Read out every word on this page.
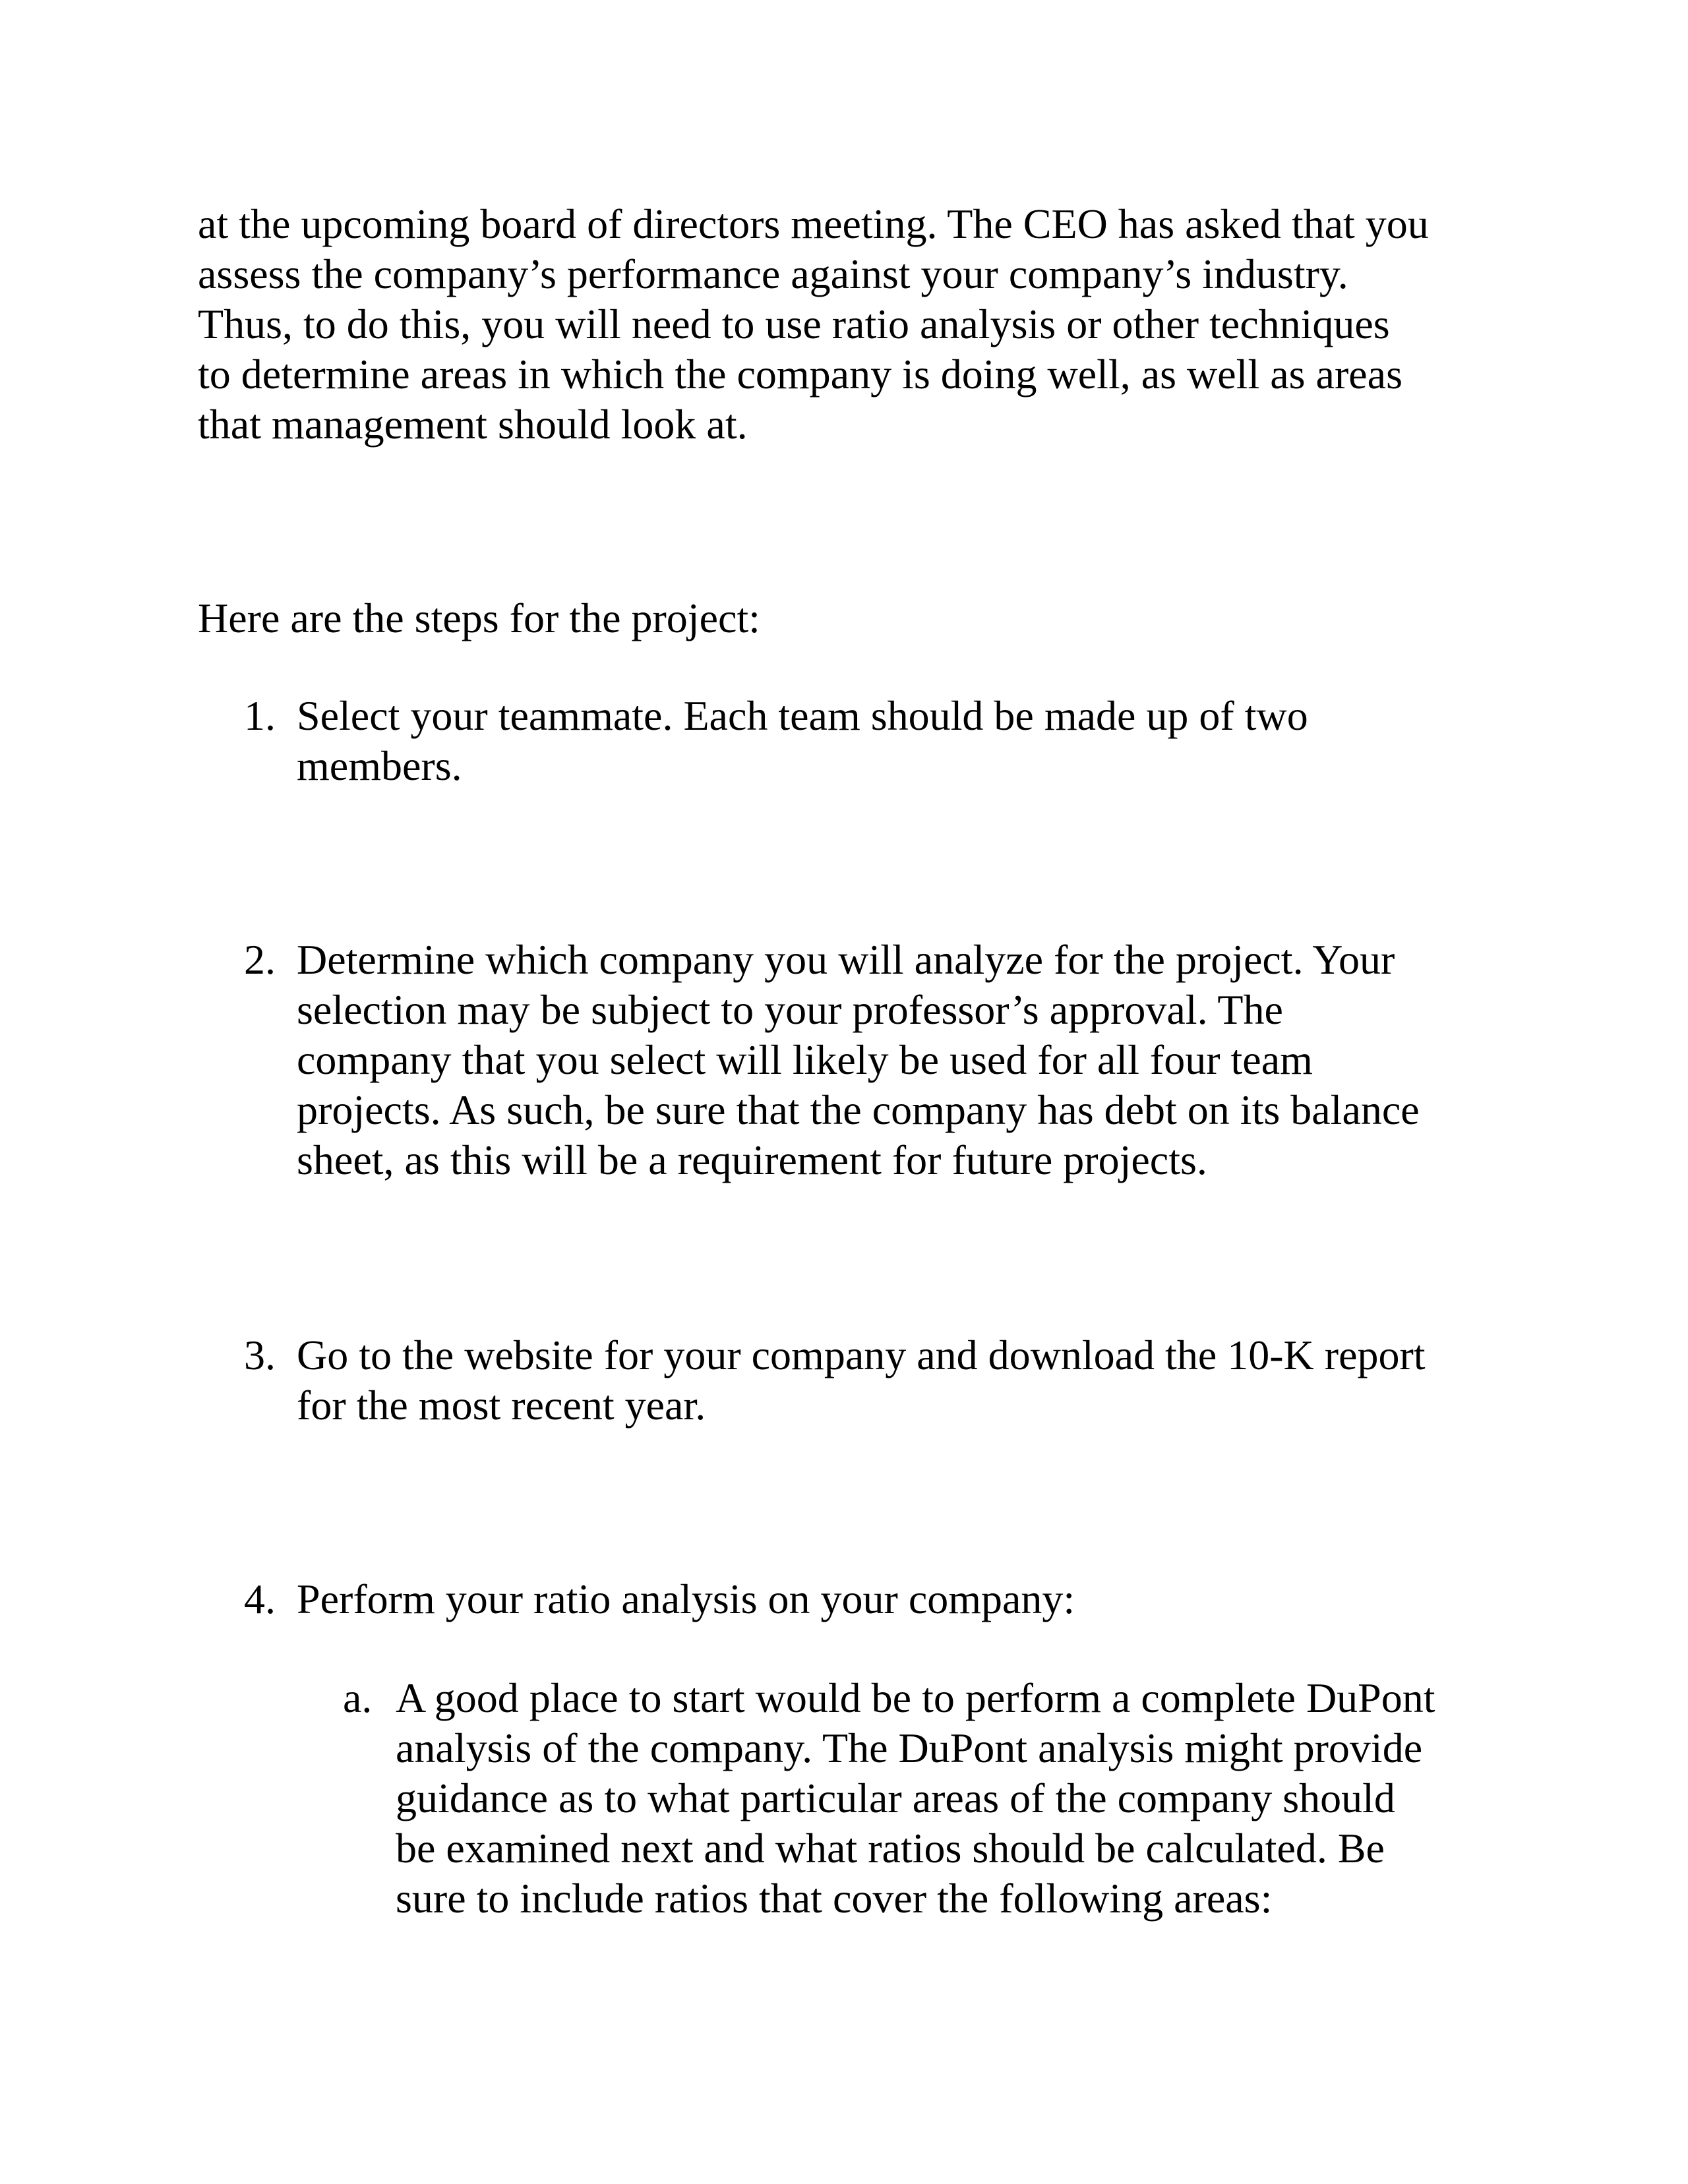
at the upcoming board of directors meeting. The CEO has asked that you
assess the company’s performance against your company’s industry.
Thus, to do this, you will need to use ratio analysis or other techniques
to determine areas in which the company is doing well, as well as areas
that management should look at.
Here are the steps for the project:
1. Select your teammate. Each team should be made up of two
members.
2. Determine which company you will analyze for the project. Your
selection may be subject to your professor’s approval. The
company that you select will likely be used for all four team
projects. As such, be sure that the company has debt on its balance
sheet, as this will be a requirement for future projects.
3. Go to the website for your company and download the 10-K report
for the most recent year.
4. Perform your ratio analysis on your company:
a. A good place to start would be to perform a complete DuPont
analysis of the company. The DuPont analysis might provide
guidance as to what particular areas of the company should
be examined next and what ratios should be calculated. Be
sure to include ratios that cover the following areas:
